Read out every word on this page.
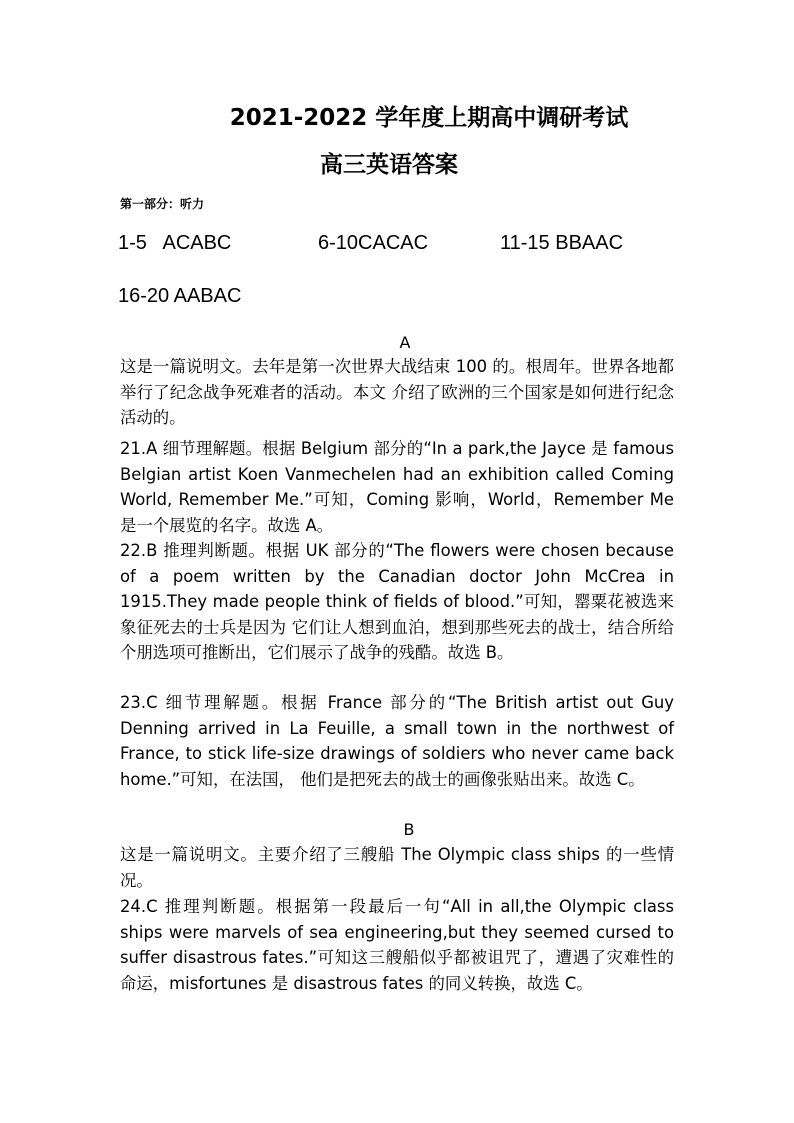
2021-2022 学年度上期高中调研考试
高三英语答案
第一部分：听力
1-5   ACABC	6-10CACAC	11-15 BBAAC
16-20 AABAC
A
这是一篇说明文。去年是第一次世界大战结束 100 的。根周年。世界各地都举行了纪念战争死难者的活动。本文 介绍了欧洲的三个国家是如何进行纪念活动的。
21.A 细节理解题。根据 Belgium 部分的“In a park,the Jayce 是 famous Belgian artist Koen Vanmechelen had an exhibition called Coming World, Remember Me.”可知，Coming 影响，World，Remember Me 是一个展览的名字。故选 A。
22.B 推理判断题。根据 UK 部分的“The flowers were chosen because of a poem written by the Canadian doctor John McCrea in 1915.They made people think of fields of blood.”可知，罂粟花被选来象征死去的士兵是因为 它们让人想到血泊，想到那些死去的战士，结合所给 个朋选项可推断出，它们展示了战争的残酷。故选 B。
23.C 细节理解题。根据 France 部分的“The British artist out Guy Denning arrived in La Feuille, a small town in the northwest of France, to stick life-size drawings of soldiers who never came back home.”可知，在法国， 他们是把死去的战士的画像张贴出来。故选 C。
B
这是一篇说明文。主要介绍了三艘船 The Olympic class ships 的一些情况。
24.C 推理判断题。根据第一段最后一句“All in all,the Olympic class ships were marvels of sea engineering,but they seemed cursed to suffer disastrous fates.”可知这三艘船似乎都被诅咒了，遭遇了灾难性的命运，misfortunes 是 disastrous fates 的同义转换，故选 C。
